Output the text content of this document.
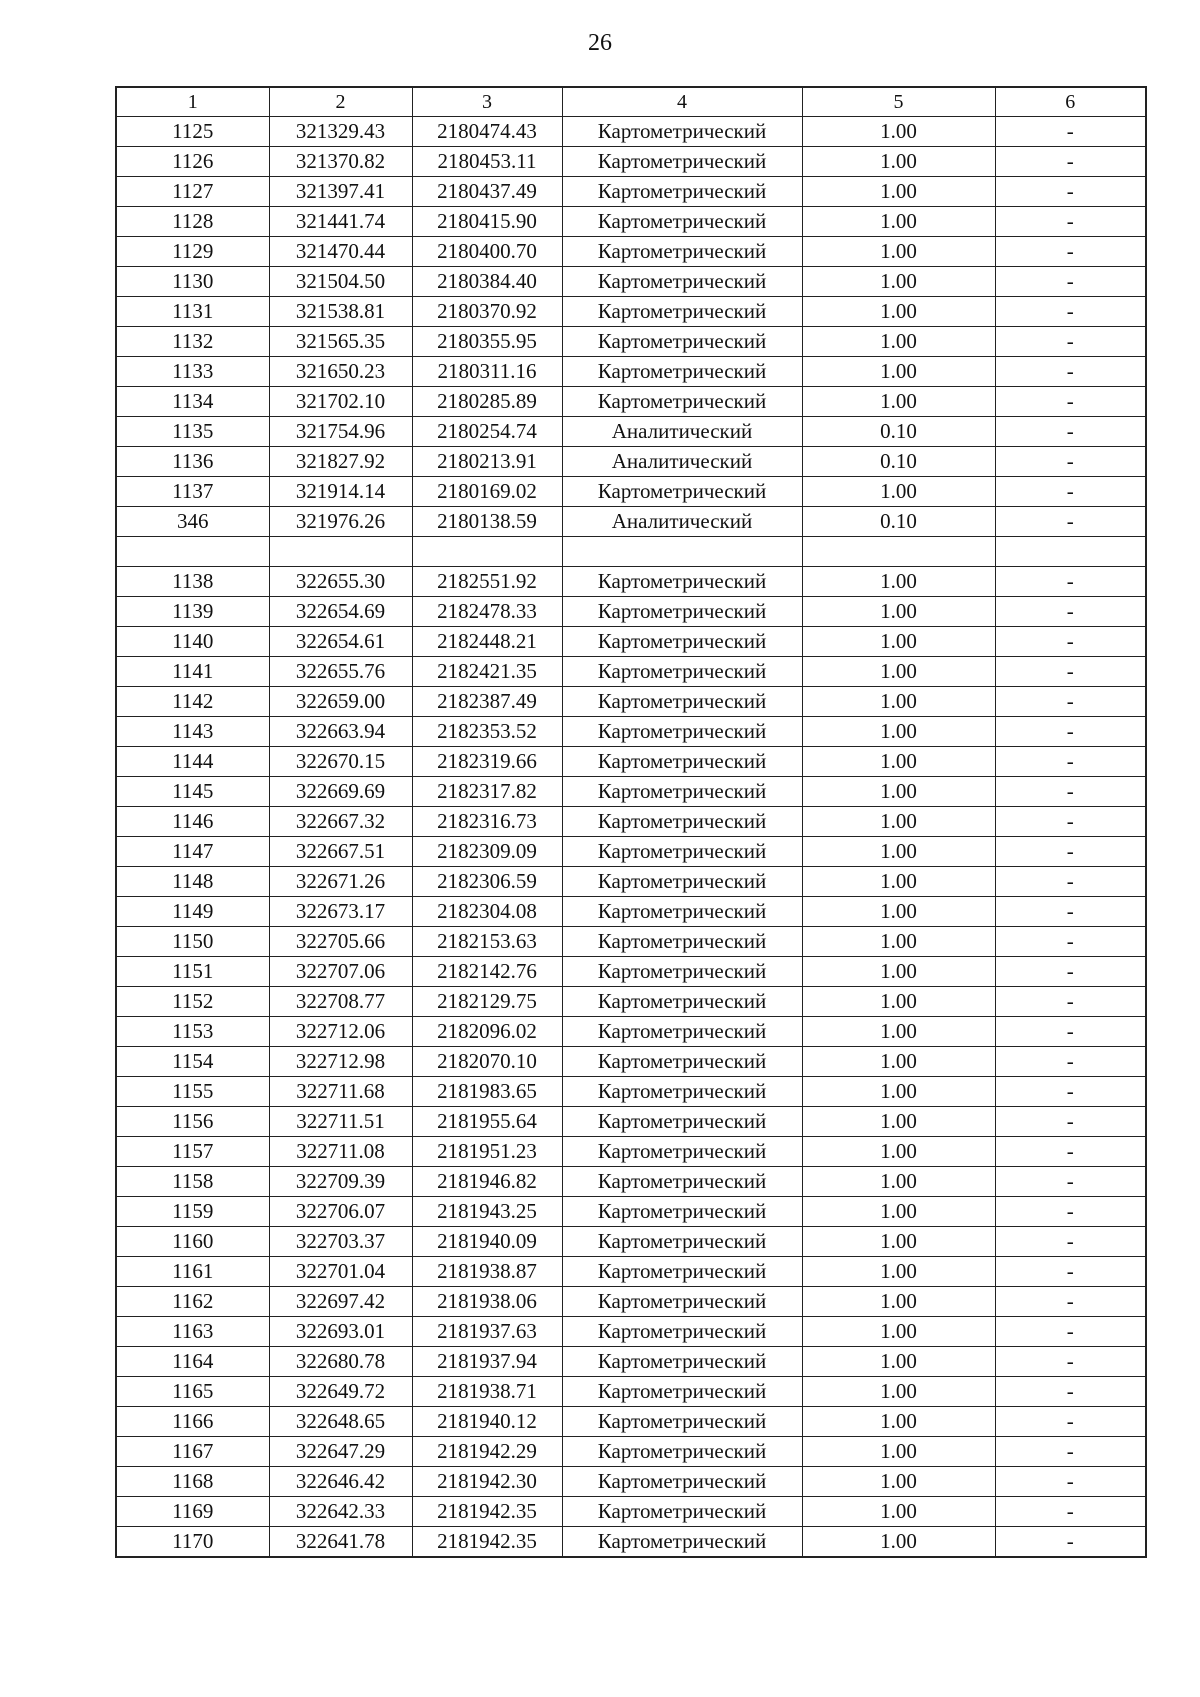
26
1	2	3	4	5	6
1125	321329.43	2180474.43	Картометрический	1.00	-
1126	321370.82	2180453.11	Картометрический	1.00	-
1127	321397.41	2180437.49	Картометрический	1.00	-
1128	321441.74	2180415.90	Картометрический	1.00	-
1129	321470.44	2180400.70	Картометрический	1.00	-
1130	321504.50	2180384.40	Картометрический	1.00	-
1131	321538.81	2180370.92	Картометрический	1.00	-
1132	321565.35	2180355.95	Картометрический	1.00	-
1133	321650.23	2180311.16	Картометрический	1.00	-
1134	321702.10	2180285.89	Картометрический	1.00	-
1135	321754.96	2180254.74	Аналитический	0.10	-
1136	321827.92	2180213.91	Аналитический	0.10	-
1137	321914.14	2180169.02	Картометрический	1.00	-
346	321976.26	2180138.59	Аналитический	0.10	-

1138	322655.30	2182551.92	Картометрический	1.00	-
1139	322654.69	2182478.33	Картометрический	1.00	-
1140	322654.61	2182448.21	Картометрический	1.00	-
1141	322655.76	2182421.35	Картометрический	1.00	-
1142	322659.00	2182387.49	Картометрический	1.00	-
1143	322663.94	2182353.52	Картометрический	1.00	-
1144	322670.15	2182319.66	Картометрический	1.00	-
1145	322669.69	2182317.82	Картометрический	1.00	-
1146	322667.32	2182316.73	Картометрический	1.00	-
1147	322667.51	2182309.09	Картометрический	1.00	-
1148	322671.26	2182306.59	Картометрический	1.00	-
1149	322673.17	2182304.08	Картометрический	1.00	-
1150	322705.66	2182153.63	Картометрический	1.00	-
1151	322707.06	2182142.76	Картометрический	1.00	-
1152	322708.77	2182129.75	Картометрический	1.00	-
1153	322712.06	2182096.02	Картометрический	1.00	-
1154	322712.98	2182070.10	Картометрический	1.00	-
1155	322711.68	2181983.65	Картометрический	1.00	-
1156	322711.51	2181955.64	Картометрический	1.00	-
1157	322711.08	2181951.23	Картометрический	1.00	-
1158	322709.39	2181946.82	Картометрический	1.00	-
1159	322706.07	2181943.25	Картометрический	1.00	-
1160	322703.37	2181940.09	Картометрический	1.00	-
1161	322701.04	2181938.87	Картометрический	1.00	-
1162	322697.42	2181938.06	Картометрический	1.00	-
1163	322693.01	2181937.63	Картометрический	1.00	-
1164	322680.78	2181937.94	Картометрический	1.00	-
1165	322649.72	2181938.71	Картометрический	1.00	-
1166	322648.65	2181940.12	Картометрический	1.00	-
1167	322647.29	2181942.29	Картометрический	1.00	-
1168	322646.42	2181942.30	Картометрический	1.00	-
1169	322642.33	2181942.35	Картометрический	1.00	-
1170	322641.78	2181942.35	Картометрический	1.00	-
